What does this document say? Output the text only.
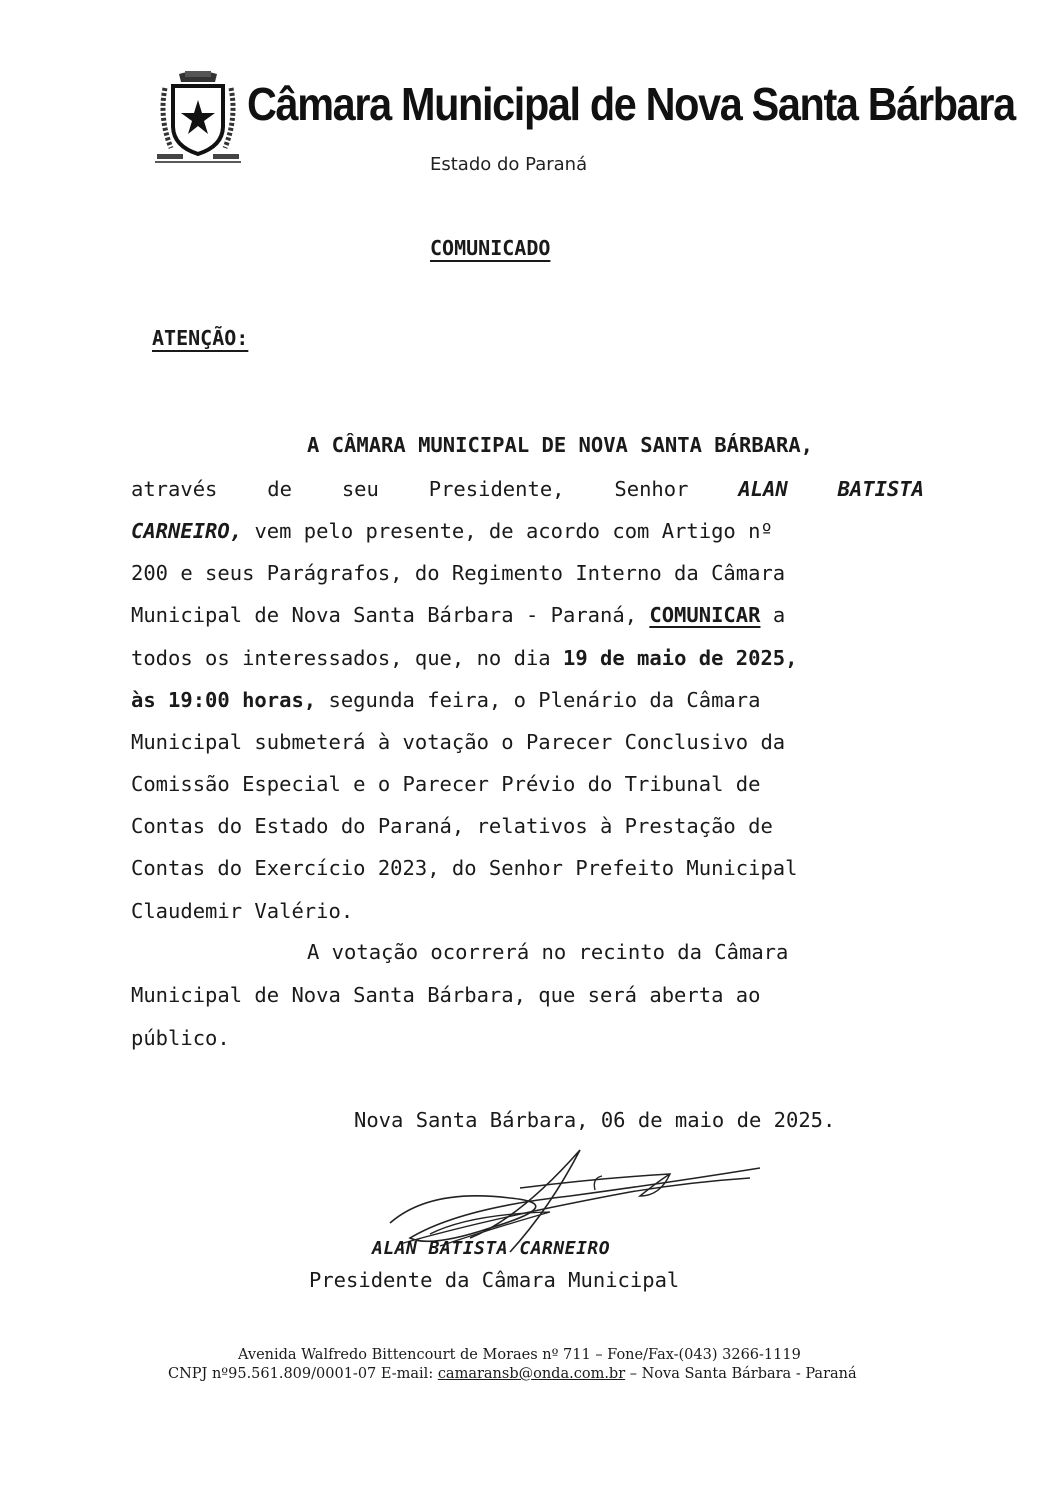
Câmara Municipal de Nova Santa Bárbara
Estado do Paraná
COMUNICADO
ATENÇÃO:
A CÂMARA MUNICIPAL DE NOVA SANTA BÁRBARA,
através de seu Presidente, Senhor ALAN BATISTA
CARNEIRO, vem pelo presente, de acordo com Artigo nº
200 e seus Parágrafos, do Regimento Interno da Câmara
Municipal de Nova Santa Bárbara - Paraná, COMUNICAR a
todos os interessados, que, no dia 19 de maio de 2025,
às 19:00 horas, segunda feira, o Plenário da Câmara
Municipal submeterá à votação o Parecer Conclusivo da
Comissão Especial e o Parecer Prévio do Tribunal de
Contas do Estado do Paraná, relativos à Prestação de
Contas do Exercício 2023, do Senhor Prefeito Municipal
Claudemir Valério.
A votação ocorrerá no recinto da Câmara
Municipal de Nova Santa Bárbara, que será aberta ao
público.
Nova Santa Bárbara, 06 de maio de 2025.
ALAN BATISTA CARNEIRO
Presidente da Câmara Municipal
Avenida Walfredo Bittencourt de Moraes nº 711 – Fone/Fax-(043) 3266-1119
CNPJ nº95.561.809/0001-07 E-mail: camaransb@onda.com.br – Nova Santa Bárbara - Paraná
